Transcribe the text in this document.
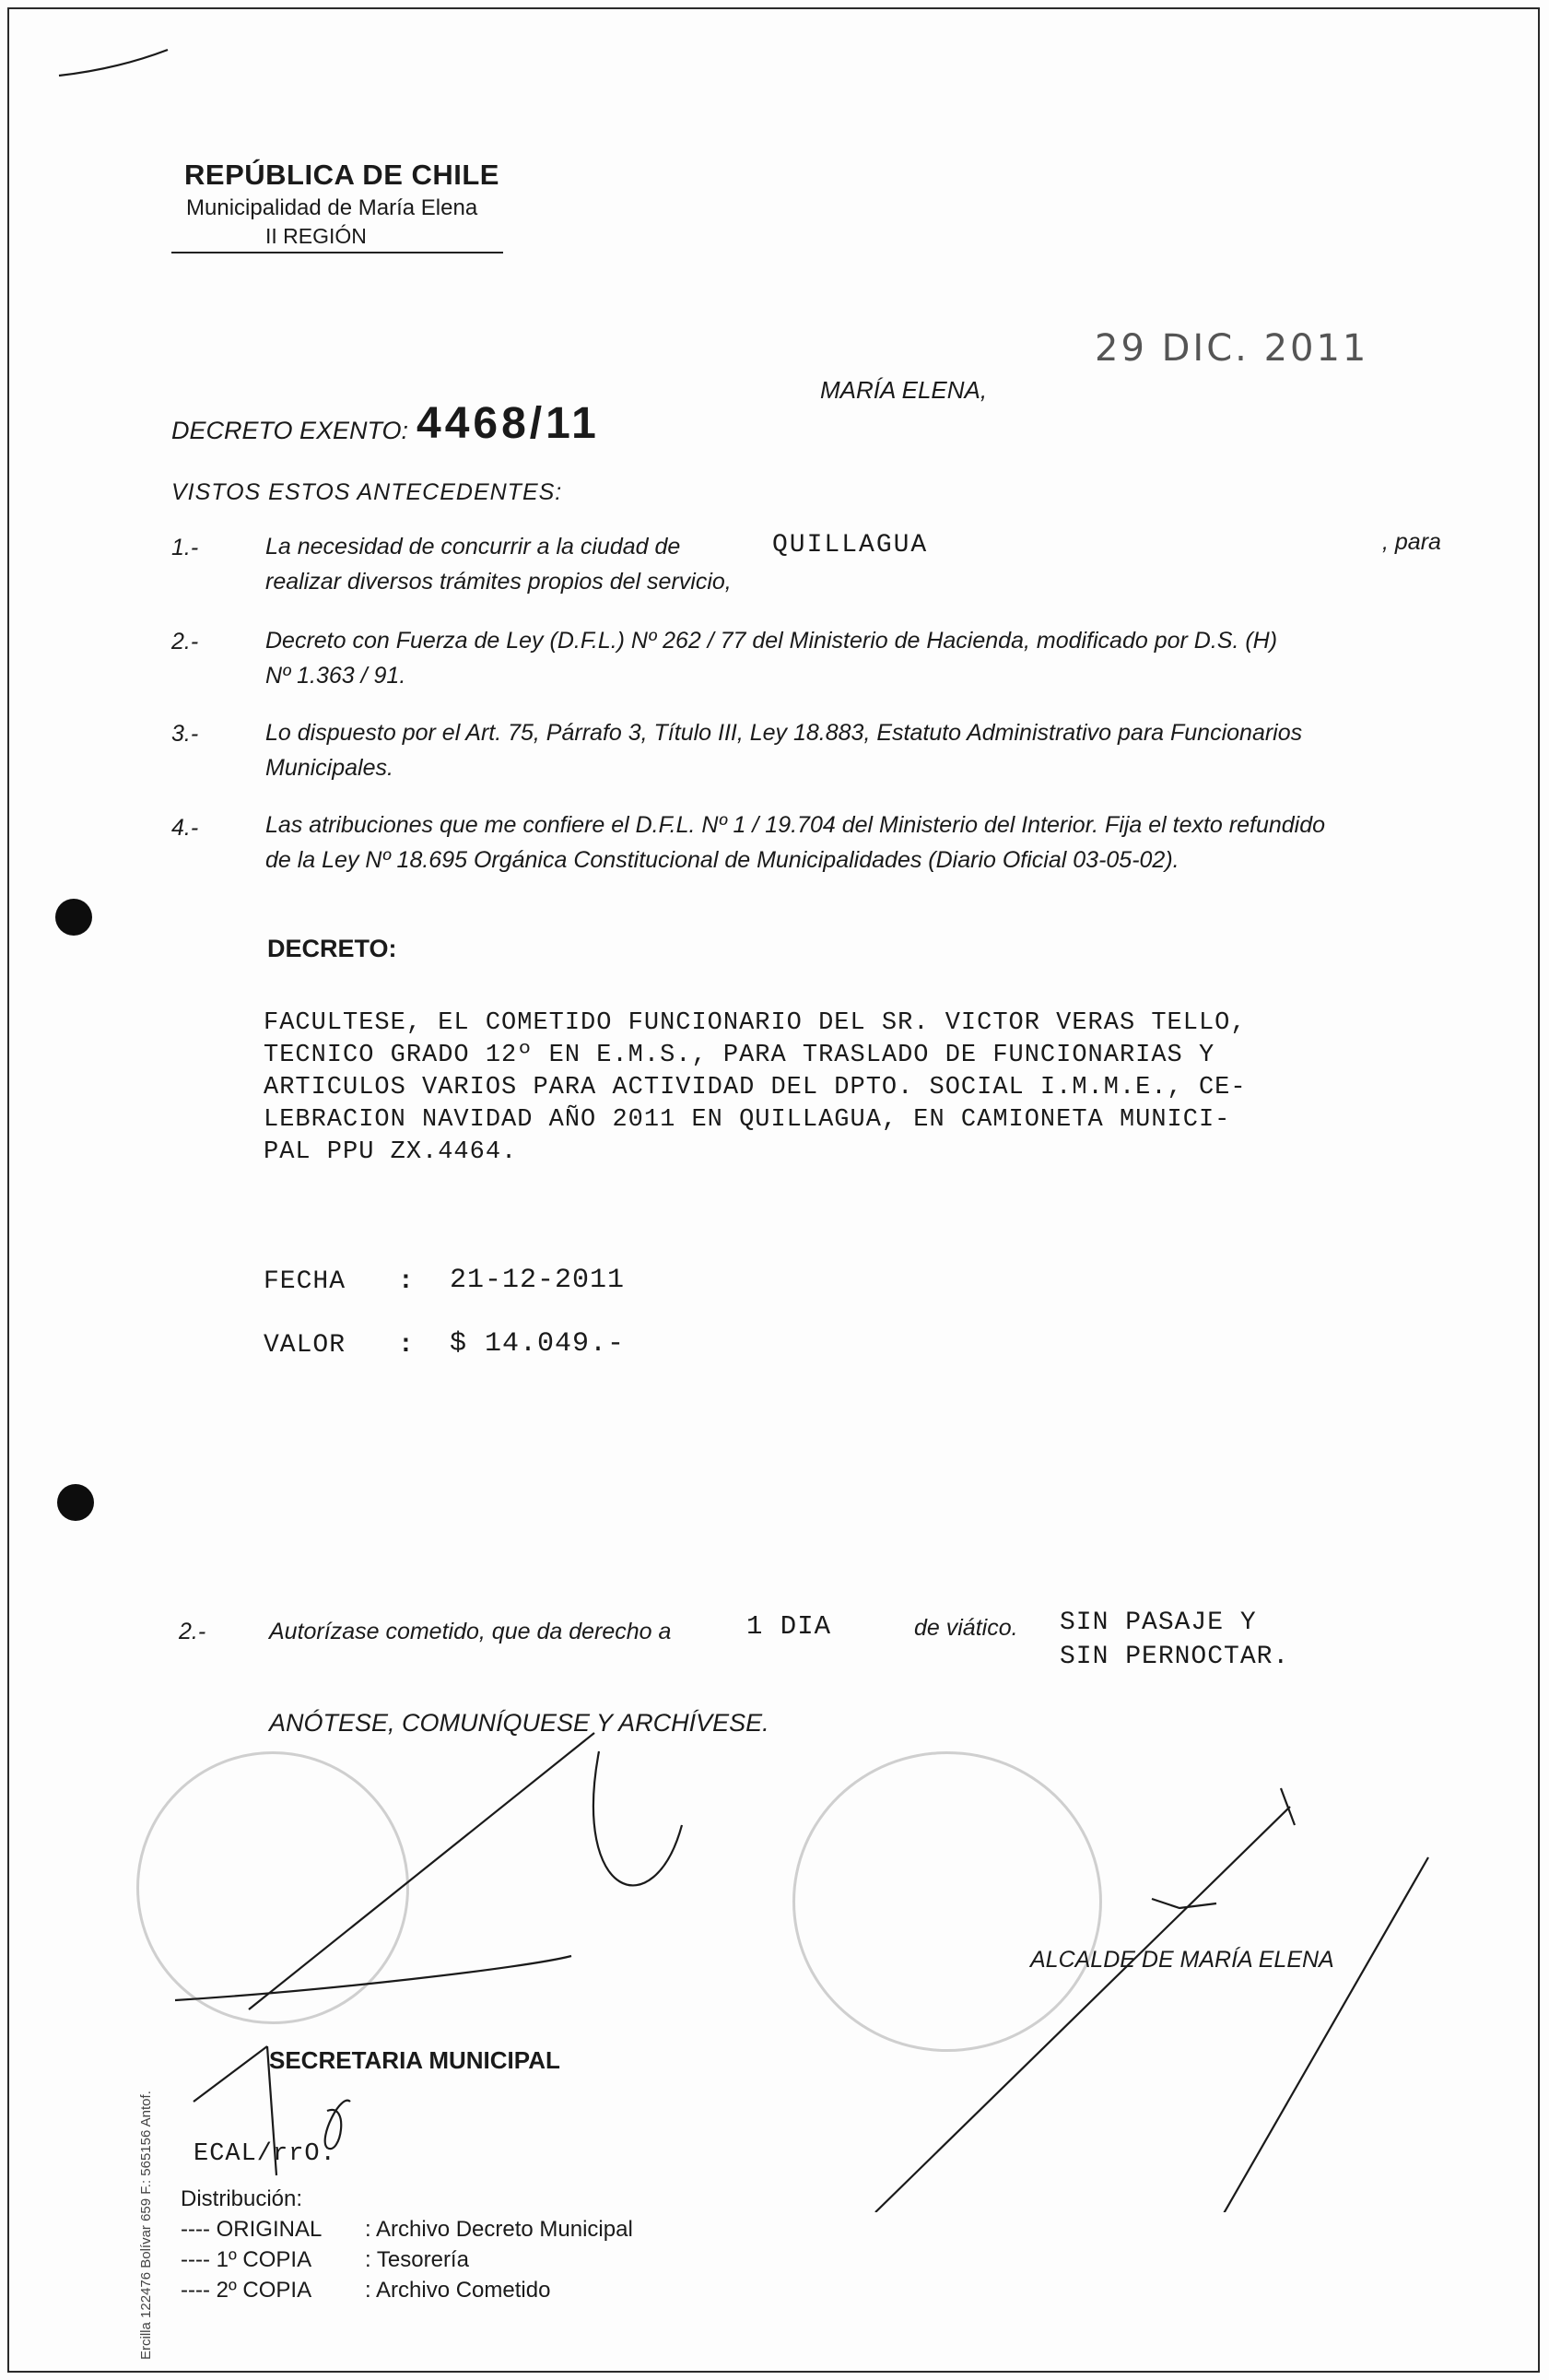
REPÚBLICA DE CHILE
Municipalidad de María Elena
II REGIÓN
29 DIC. 2011
MARÍA ELENA,
DECRETO EXENTO: 4468/11
VISTOS ESTOS ANTECEDENTES:
1.-	La necesidad de concurrir a la ciudad de	QUILLAGUA	, para
realizar diversos trámites propios del servicio,
2.-	Decreto con Fuerza de Ley (D.F.L.) Nº 262 / 77 del Ministerio de Hacienda, modificado por D.S. (H)
Nº 1.363 / 91.
3.-	Lo dispuesto por el Art. 75, Párrafo 3, Título III, Ley 18.883, Estatuto Administrativo para Funcionarios
Municipales.
4.-	Las atribuciones que me confiere el D.F.L. Nº 1 / 19.704 del Ministerio del Interior. Fija el texto refundido
de la Ley Nº 18.695 Orgánica Constitucional de Municipalidades (Diario Oficial 03-05-02).
DECRETO:
FACULTESE, EL COMETIDO FUNCIONARIO DEL SR. VICTOR VERAS TELLO,
TECNICO GRADO 12º EN E.M.S., PARA TRASLADO DE FUNCIONARIAS Y
ARTICULOS VARIOS PARA ACTIVIDAD DEL DPTO. SOCIAL I.M.M.E., CE-
LEBRACION NAVIDAD AÑO 2011 EN QUILLAGUA, EN CAMIONETA MUNICI-
PAL PPU ZX.4464.
FECHA : 21-12-2011
VALOR : $ 14.049.-
2.-	Autorízase cometido, que da derecho a	1 DIA	de viático. SIN PASAJE Y
SIN PERNOCTAR.
ANÓTESE, COMUNÍQUESE Y ARCHÍVESE.
ALCALDE DE MARÍA ELENA
SECRETARIA MUNICIPAL
ECAL/rrO.
Distribución:
---- ORIGINAL : Archivo Decreto Municipal
---- 1º COPIA : Tesorería
---- 2º COPIA : Archivo Cometido
Ercilla 122476 Bolívar 659 F.: 565156 Antof.
